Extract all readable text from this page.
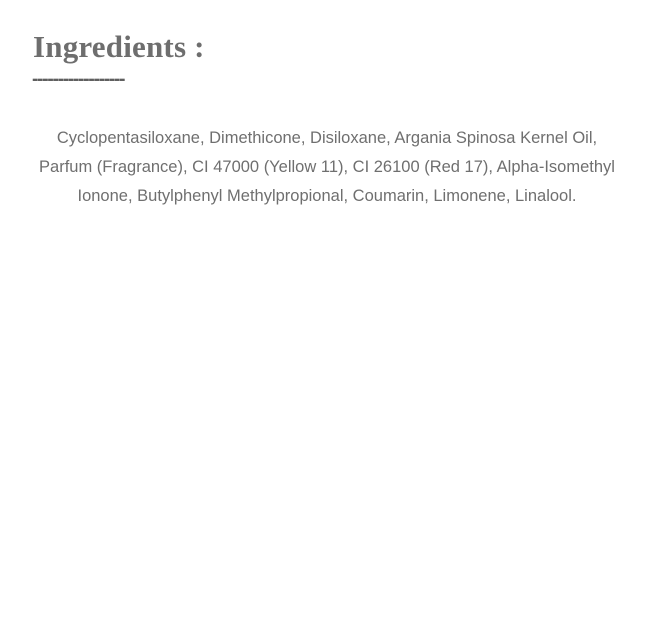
Ingredients :
------------------
Cyclopentasiloxane, Dimethicone, Disiloxane, Argania Spinosa Kernel Oil, Parfum (Fragrance), CI 47000 (Yellow 11), CI 26100 (Red 17), Alpha-Isomethyl Ionone, Butylphenyl Methylpropional, Coumarin, Limonene, Linalool.
